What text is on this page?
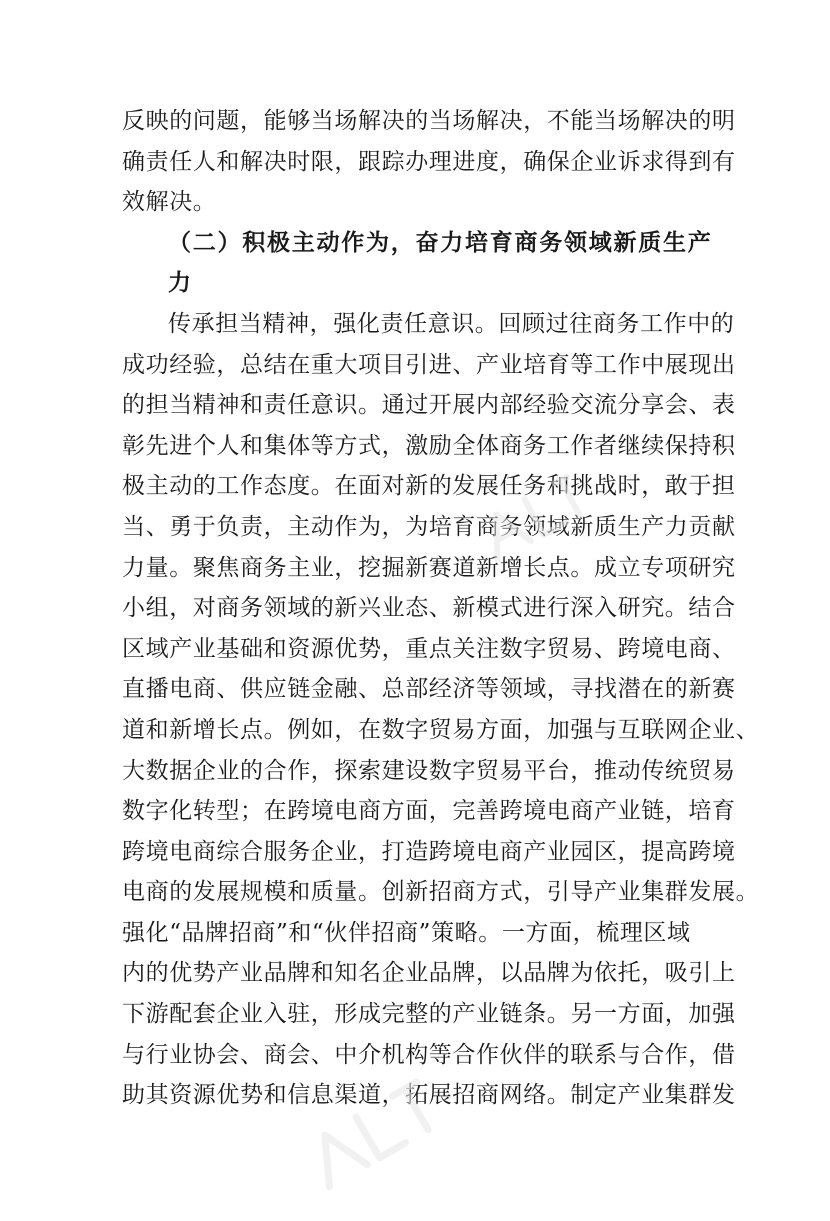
反映的问题，能够当场解决的当场解决，不能当场解决的明
确责任人和解决时限，跟踪办理进度，确保企业诉求得到有
效解决。

（二）积极主动作为，奋力培育商务领域新质生产力

传承担当精神，强化责任意识。回顾过往商务工作中的
成功经验，总结在重大项目引进、产业培育等工作中展现出
的担当精神和责任意识。通过开展内部经验交流分享会、表
彰先进个人和集体等方式，激励全体商务工作者继续保持积
极主动的工作态度。在面对新的发展任务和挑战时，敢于担
当、勇于负责，主动作为，为培育商务领域新质生产力贡献
力量。聚焦商务主业，挖掘新赛道新增长点。成立专项研究
小组，对商务领域的新兴业态、新模式进行深入研究。结合
区域产业基础和资源优势，重点关注数字贸易、跨境电商、
直播电商、供应链金融、总部经济等领域，寻找潜在的新赛
道和新增长点。例如，在数字贸易方面，加强与互联网企业、
大数据企业的合作，探索建设数字贸易平台，推动传统贸易
数字化转型；在跨境电商方面，完善跨境电商产业链，培育
跨境电商综合服务企业，打造跨境电商产业园区，提高跨境
电商的发展规模和质量。创新招商方式，引导产业集群发展。
强化“品牌招商”和“伙伴招商”策略。一方面，梳理区域
内的优势产业品牌和知名企业品牌，以品牌为依托，吸引上
下游配套企业入驻，形成完整的产业链条。另一方面，加强
与行业协会、商会、中介机构等合作伙伴的联系与合作，借
助其资源优势和信息渠道，拓展招商网络。制定产业集群发
